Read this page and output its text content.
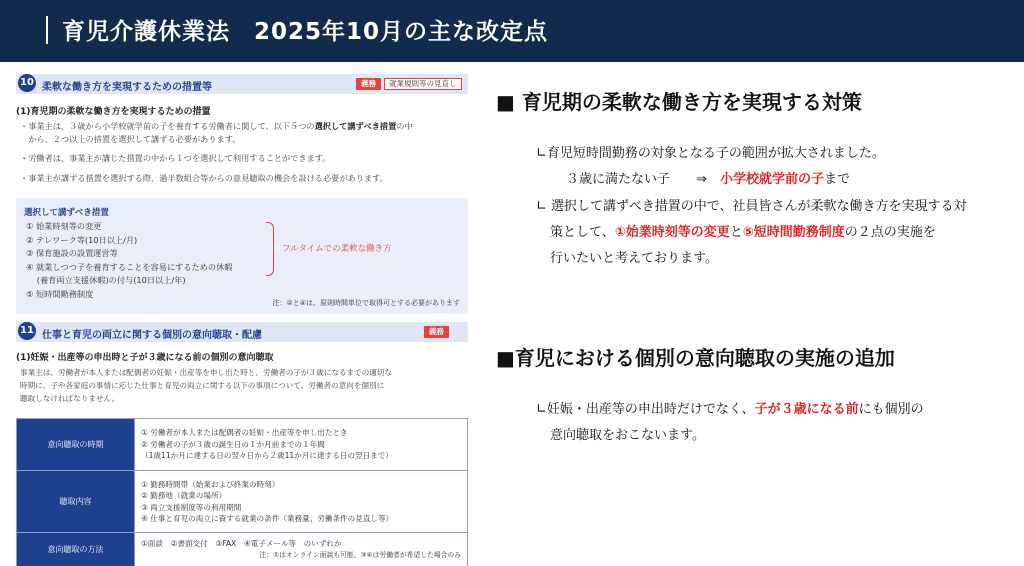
育児介護休業法　2025年10月の主な改定点
10 柔軟な働き方を実現するための措置等	義務	就業規則等の見直し
(1)育児期の柔軟な働き方を実現するための措置
・事業主は、３歳から小学校就学前の子を養育する労働者に関して、以下５つの選択して講ずべき措置の中
　から、２つ以上の措置を選択して講ずる必要があります。
・労働者は、事業主が講じた措置の中から１つを選択して利用することができます。
・事業主が講ずる措置を選択する際、過半数組合等からの意見聴取の機会を設ける必要があります。
選択して講ずべき措置
① 始業時刻等の変更
② テレワーク等(10日以上/月)
③ 保育施設の設置運営等
④ 就業しつつ子を養育することを容易にするための休暇
　 (養育両立支援休暇)の付与(10日以上/年)
⑤ 短時間勤務制度
フルタイムでの柔軟な働き方
注：②と④は、原則時間単位で取得可とする必要があります
11 仕事と育児の両立に関する個別の意向聴取・配慮	義務
(1)妊娠・出産等の申出時と子が３歳になる前の個別の意向聴取
事業主は、労働者が本人または配偶者の妊娠・出産等を申し出た時と、労働者の子が３歳になるまでの適切な
時期に、子や各家庭の事情に応じた仕事と育児の両立に関する以下の事項について、労働者の意向を個別に
聴取しなければなりません。
意向聴取の時期	① 労働者が本人または配偶者の妊娠・出産等を申し出たとき
② 労働者の子が３歳の誕生日の１か月前までの１年間
（1歳11か月に達する日の翌々日から２歳11か月に達する日の翌日まで）
聴取内容	① 勤務時間帯（始業および終業の時刻）
② 勤務地（就業の場所）
③ 両立支援制度等の利用期間
④ 仕事と育児の両立に資する就業の条件（業務量、労働条件の見直し等）
意向聴取の方法	①面談　②書面交付　③FAX　④電子メール等　のいずれか
注：①はオンライン面談も可能。③④は労働者が希望した場合のみ
■ 育児期の柔軟な働き方を実現する対策
∟育児短時間勤務の対象となる子の範囲が拡大されました。
３歳に満たない子　　 ⇒　 小学校就学前の子まで
∟ 選択して講ずべき措置の中で、社員皆さんが柔軟な働き方を実現する対
策として、①始業時刻等の変更と⑤短時間勤務制度の２点の実施を
行いたいと考えております。
■育児における個別の意向聴取の実施の追加
∟妊娠・出産等の申出時だけでなく、子が３歳になる前にも個別の
意向聴取をおこないます。
